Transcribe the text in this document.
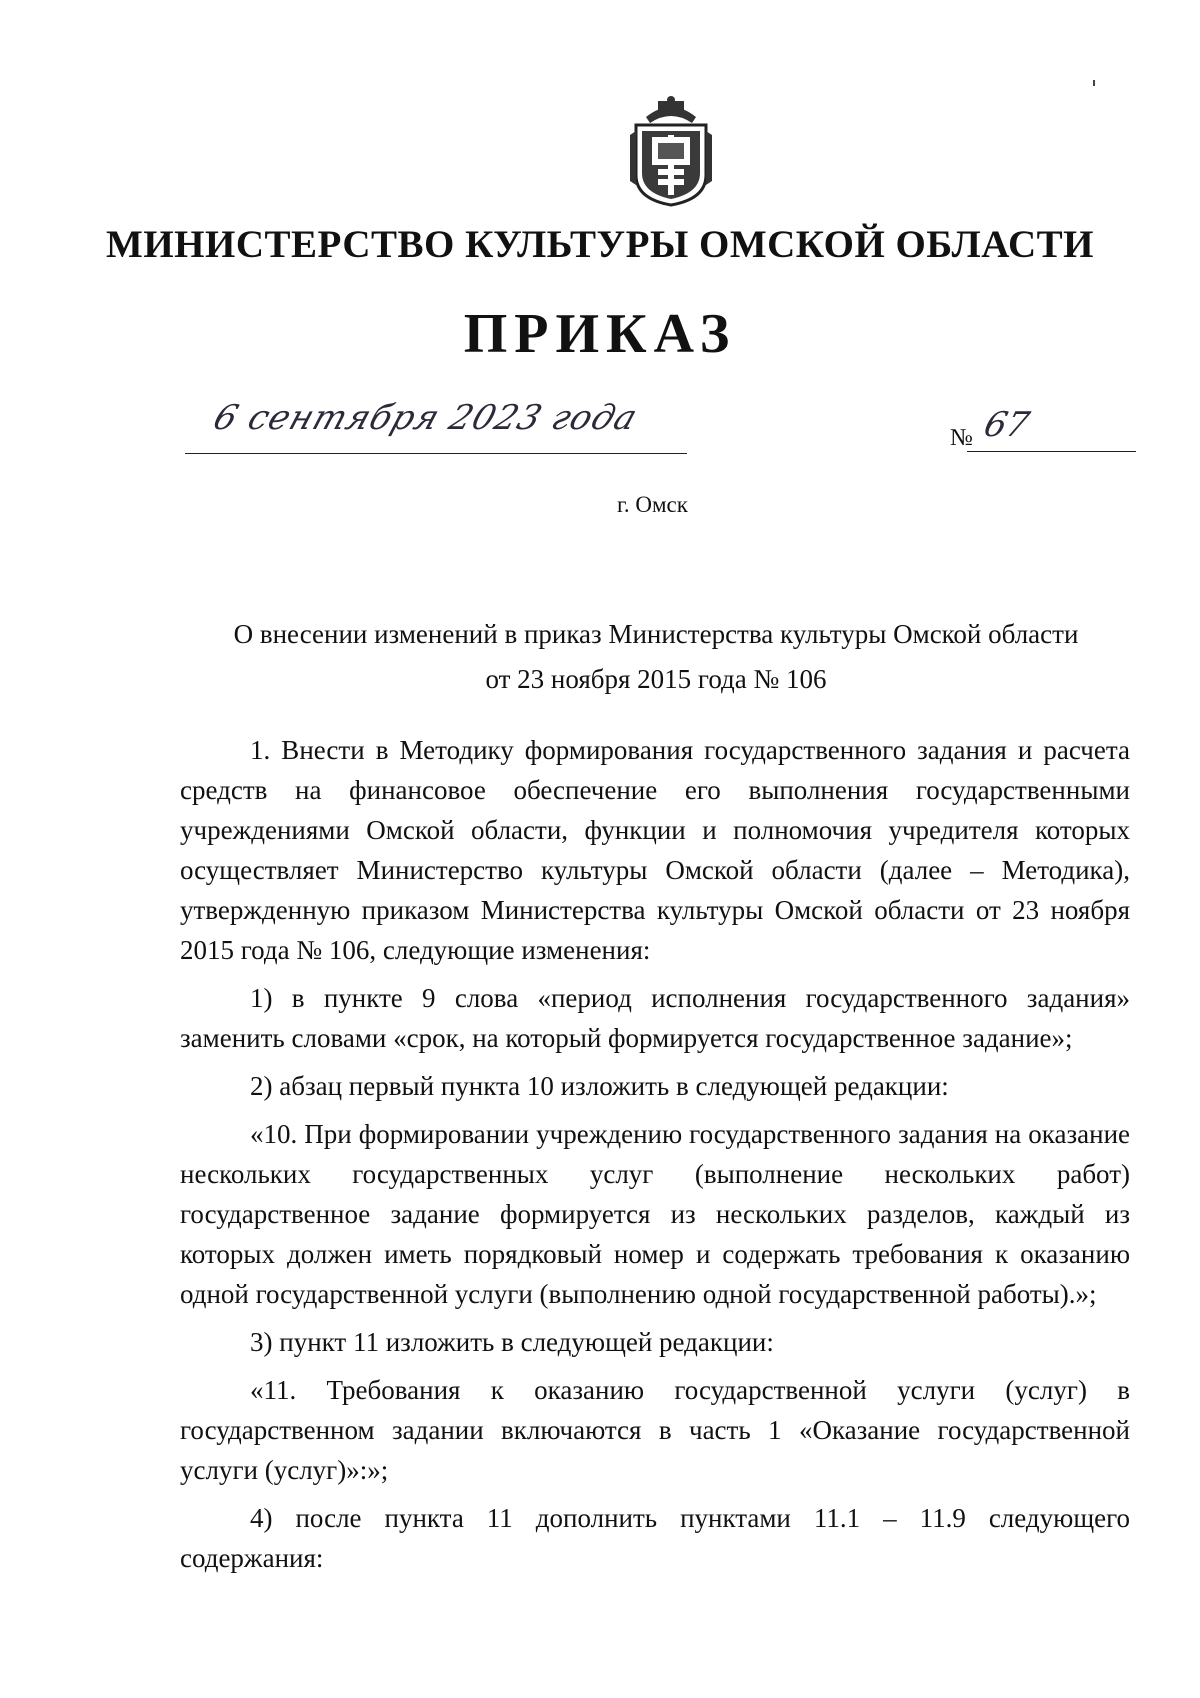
МИНИСТЕРСТВО КУЛЬТУРЫ ОМСКОЙ ОБЛАСТИ
ПРИКАЗ
6 сентября 2023 года	№ 67
г. Омск
О внесении изменений в приказ Министерства культуры Омской области
от 23 ноября 2015 года № 106

1. Внести в Методику формирования государственного задания и расчета средств на финансовое обеспечение его выполнения государственными учреждениями Омской области, функции и полномочия учредителя которых осуществляет Министерство культуры Омской области (далее – Методика), утвержденную приказом Министерства культуры Омской области от 23 ноября 2015 года № 106, следующие изменения:

1) в пункте 9 слова «период исполнения государственного задания» заменить словами «срок, на который формируется государственное задание»;

2) абзац первый пункта 10 изложить в следующей редакции:

«10. При формировании учреждению государственного задания на оказание нескольких государственных услуг (выполнение нескольких работ) государственное задание формируется из нескольких разделов, каждый из которых должен иметь порядковый номер и содержать требования к оказанию одной государственной услуги (выполнению одной государственной работы).»;

3) пункт 11 изложить в следующей редакции:

«11. Требования к оказанию государственной услуги (услуг) в государственном задании включаются в часть 1 «Оказание государственной услуги (услуг)»:»;

4) после пункта 11 дополнить пунктами 11.1 – 11.9 следующего содержания:
